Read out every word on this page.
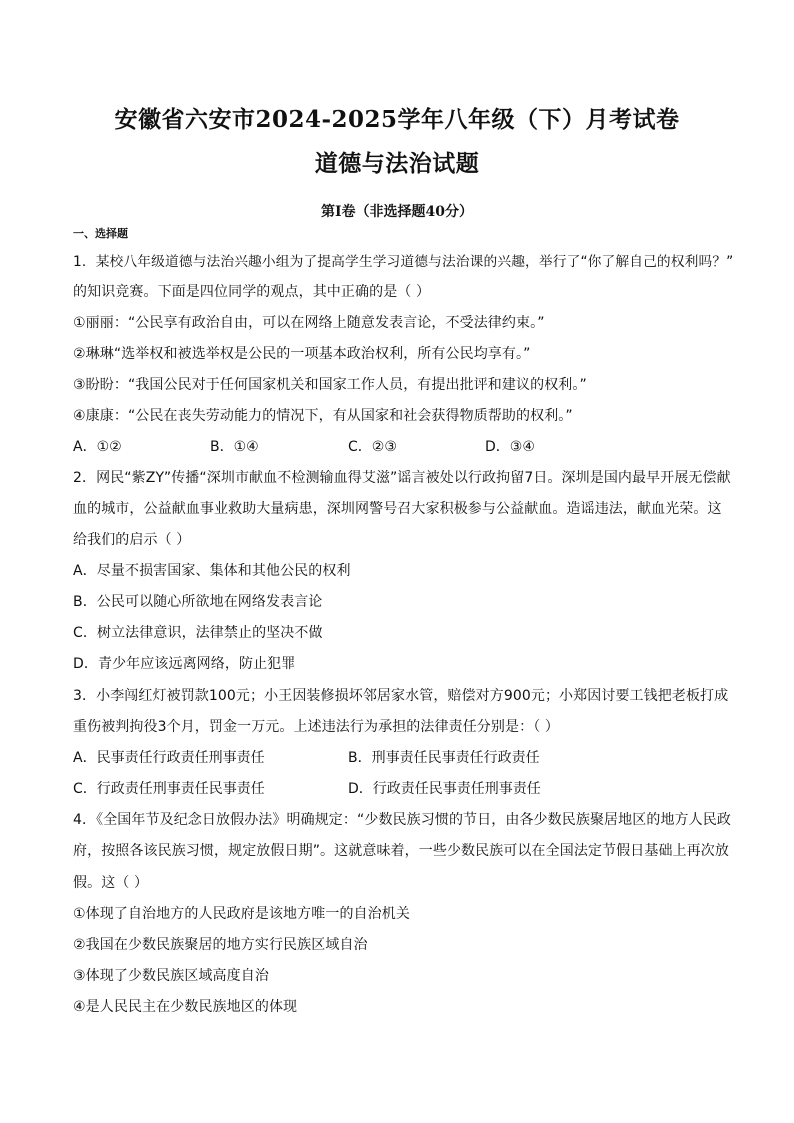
安徽省六安市2024-2025学年八年级（下）月考试卷
道德与法治试题
第Ⅰ卷（非选择题40分）
一、选择题
1．某校八年级道德与法治兴趣小组为了提高学生学习道德与法治课的兴趣，举行了“你了解自己的权利吗？”
的知识竞赛。下面是四位同学的观点，其中正确的是（ ）
①丽丽：“公民享有政治自由，可以在网络上随意发表言论，不受法律约束。”
②琳琳“选举权和被选举权是公民的一项基本政治权利，所有公民均享有。”
③盼盼：“我国公民对于任何国家机关和国家工作人员，有提出批评和建议的权利。”
④康康：“公民在丧失劳动能力的情况下，有从国家和社会获得物质帮助的权利。”
A．①②	B．①④	C．②③	D．③④
2．网民“紫ZY”传播“深圳市献血不检测输血得艾滋”谣言被处以行政拘留7日。深圳是国内最早开展无偿献
血的城市，公益献血事业救助大量病患，深圳网警号召大家积极参与公益献血。造谣违法，献血光荣。这
给我们的启示（ ）
A．尽量不损害国家、集体和其他公民的权利
B．公民可以随心所欲地在网络发表言论
C．树立法律意识，法律禁止的坚决不做
D．青少年应该远离网络，防止犯罪
3．小李闯红灯被罚款100元；小王因装修损坏邻居家水管，赔偿对方900元；小郑因讨要工钱把老板打成
重伤被判拘役3个月，罚金一万元。上述违法行为承担的法律责任分别是：（ ）
A．民事责任行政责任刑事责任	B．刑事责任民事责任行政责任
C．行政责任刑事责任民事责任	D．行政责任民事责任刑事责任
4．《全国年节及纪念日放假办法》明确规定：“少数民族习惯的节日，由各少数民族聚居地区的地方人民政
府，按照各该民族习惯，规定放假日期”。这就意味着，一些少数民族可以在全国法定节假日基础上再次放
假。这（ ）
①体现了自治地方的人民政府是该地方唯一的自治机关
②我国在少数民族聚居的地方实行民族区域自治
③体现了少数民族区域高度自治
④是人民民主在少数民族地区的体现
